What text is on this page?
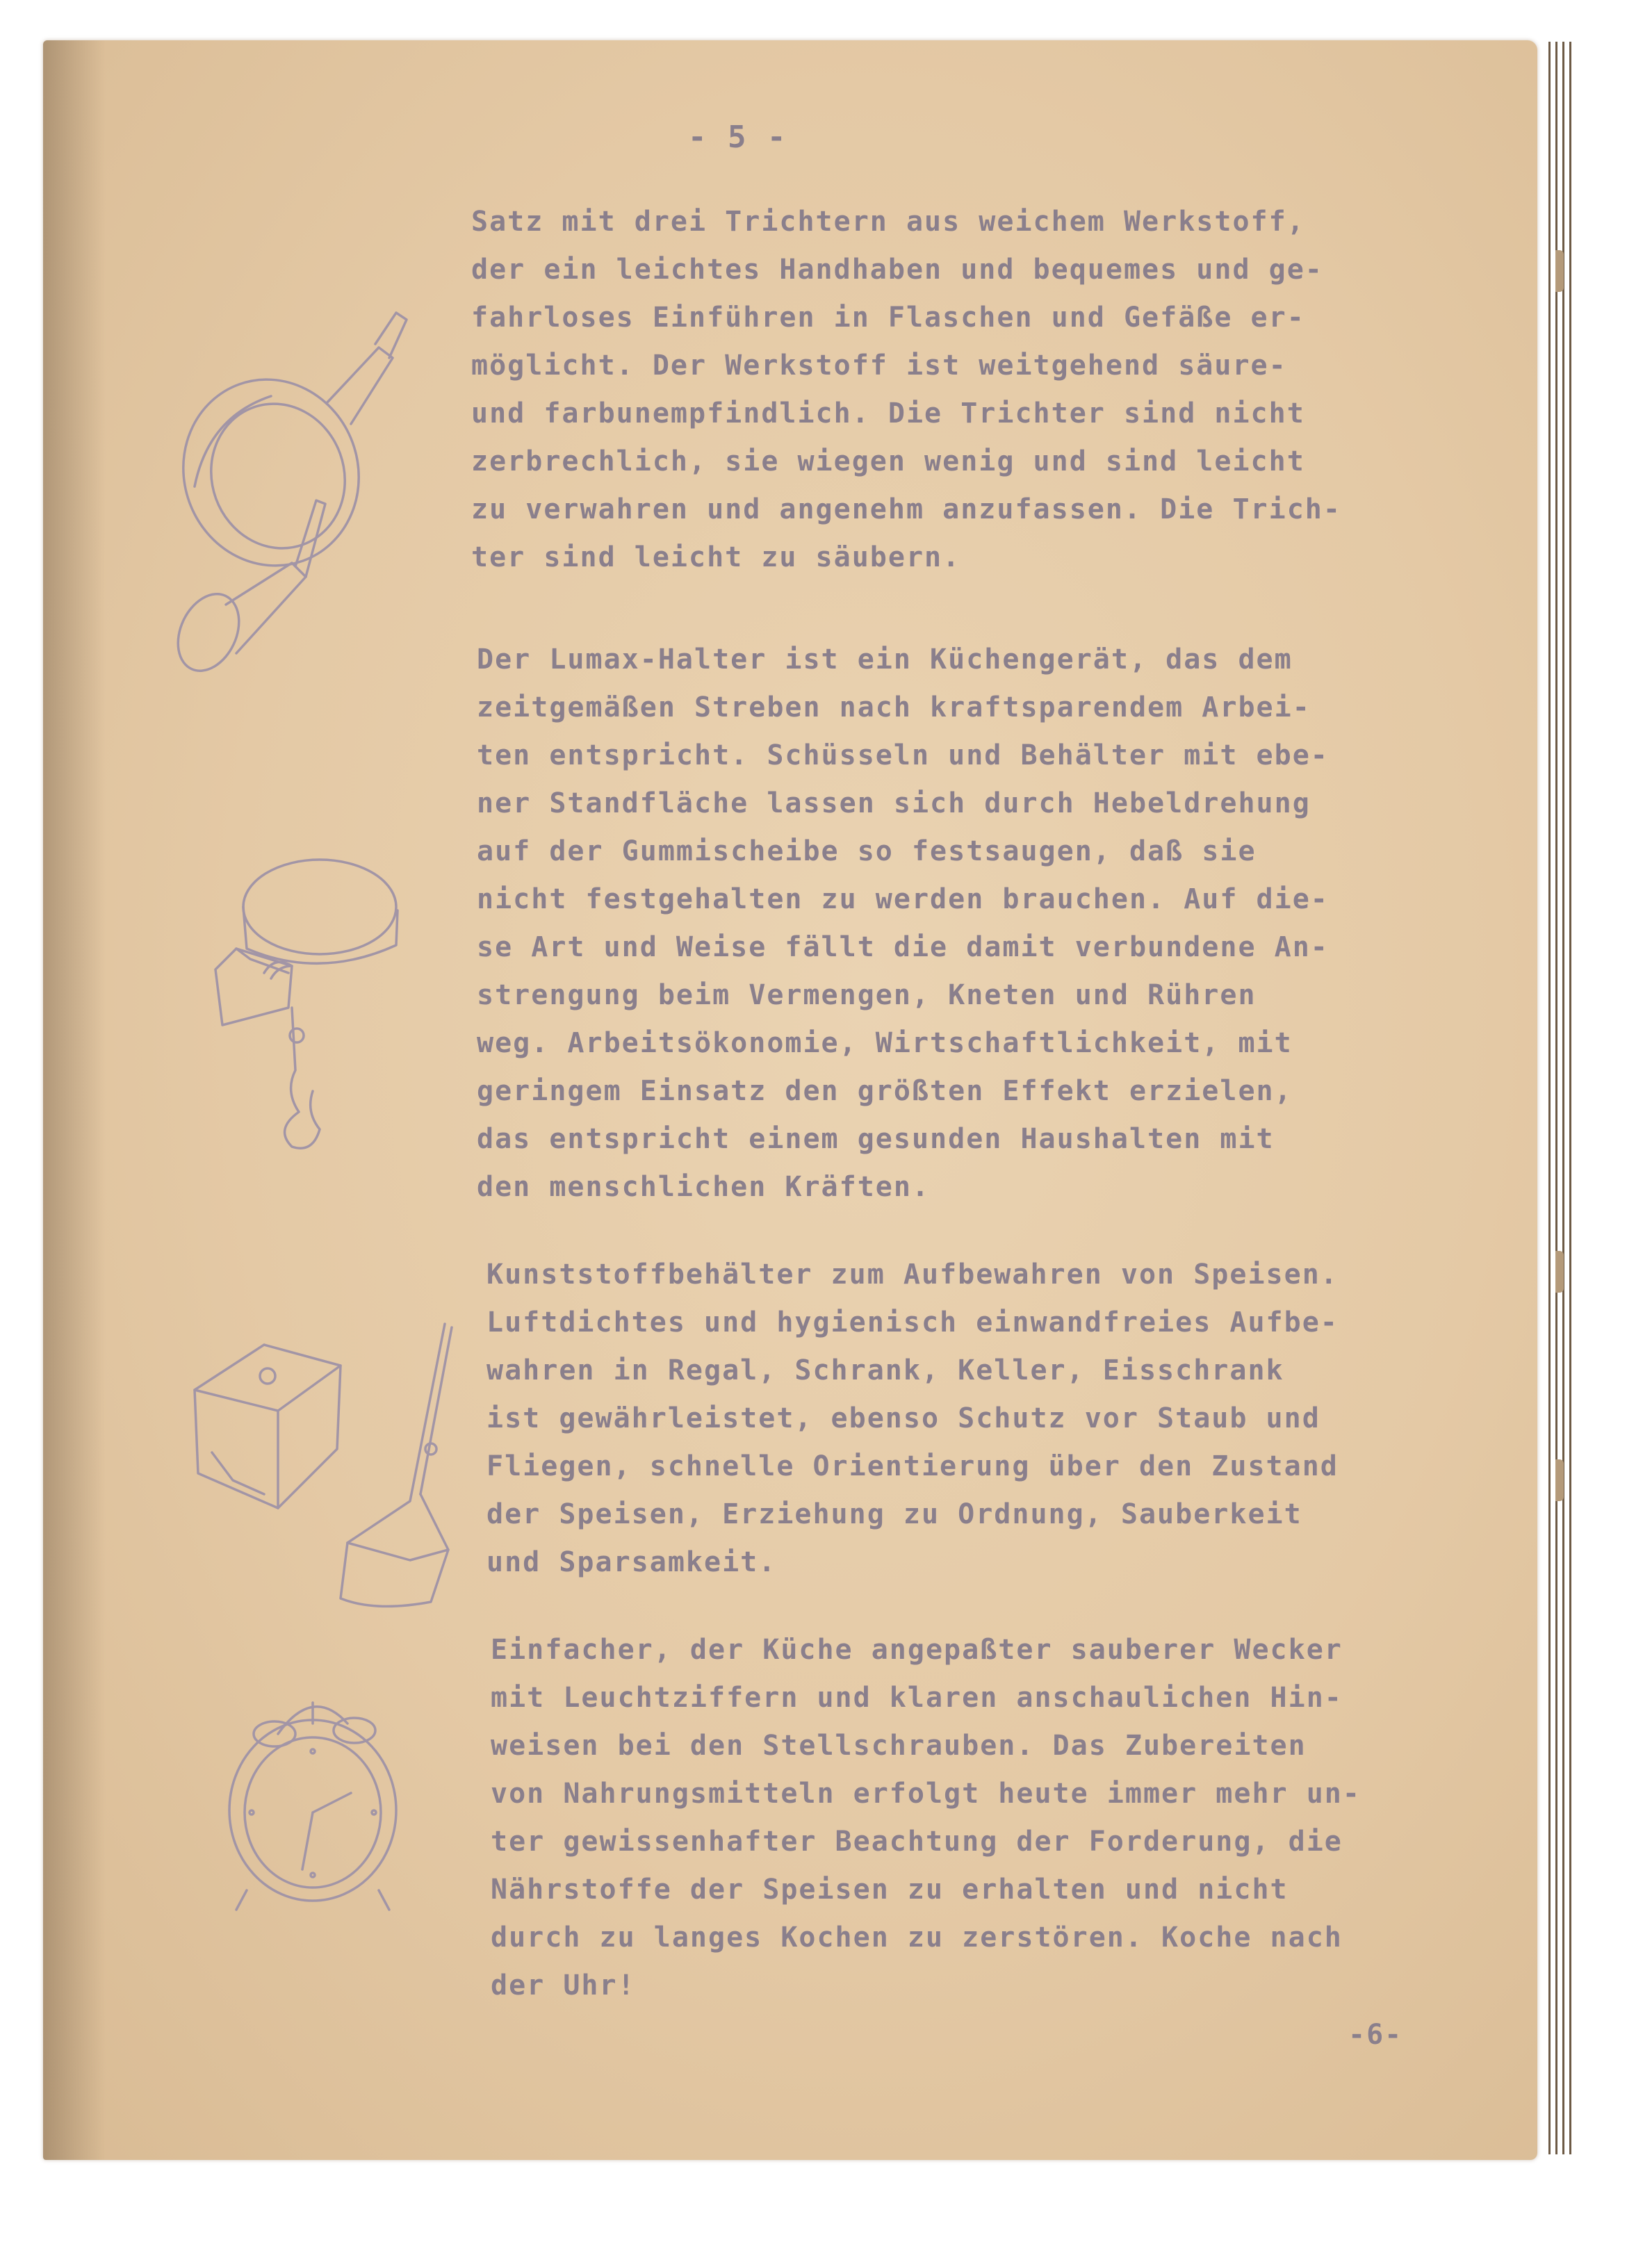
- 5 -

Satz mit drei Trichtern aus weichem Werkstoff,
der ein leichtes Handhaben und bequemes und ge-
fahrloses Einführen in Flaschen und Gefäße er-
möglicht. Der Werkstoff ist weitgehend säure-
und farbunempfindlich. Die Trichter sind nicht
zerbrechlich, sie wiegen wenig und sind leicht
zu verwahren und angenehm anzufassen. Die Trich-
ter sind leicht zu säubern.
Der Lumax-Halter ist ein Küchengerät, das dem
zeitgemäßen Streben nach kraftsparendem Arbei-
ten entspricht. Schüsseln und Behälter mit ebe-
ner Standfläche lassen sich durch Hebeldrehung
auf der Gummischeibe so festsaugen, daß sie
nicht festgehalten zu werden brauchen. Auf die-
se Art und Weise fällt die damit verbundene An-
strengung beim Vermengen, Kneten und Rühren
weg. Arbeitsökonomie, Wirtschaftlichkeit, mit
geringem Einsatz den größten Effekt erzielen,
das entspricht einem gesunden Haushalten mit
den menschlichen Kräften.
Kunststoffbehälter zum Aufbewahren von Speisen.
Luftdichtes und hygienisch einwandfreies Aufbe-
wahren in Regal, Schrank, Keller, Eisschrank
ist gewährleistet, ebenso Schutz vor Staub und
Fliegen, schnelle Orientierung über den Zustand
der Speisen, Erziehung zu Ordnung, Sauberkeit
und Sparsamkeit.
Einfacher, der Küche angepaßter sauberer Wecker
mit Leuchtziffern und klaren anschaulichen Hin-
weisen bei den Stellschrauben. Das Zubereiten
von Nahrungsmitteln erfolgt heute immer mehr un-
ter gewissenhafter Beachtung der Forderung, die
Nährstoffe der Speisen zu erhalten und nicht
durch zu langes Kochen zu zerstören. Koche nach
der Uhr!

-6-
